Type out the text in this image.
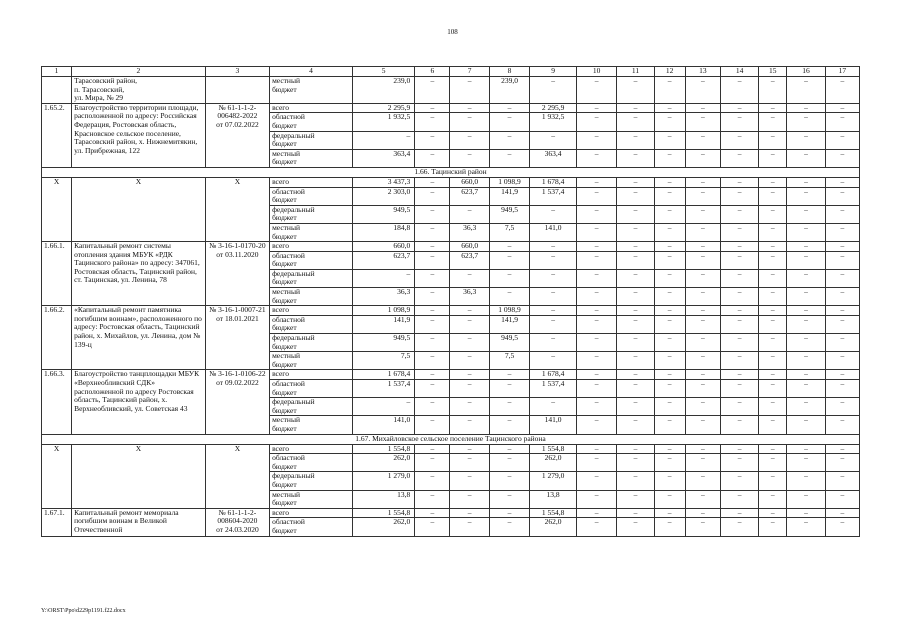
108
1	2	3	4	5	6	7	8	9	10	11	12	13	14	15	16	17
	Тарасовский район,
п. Тарасовский,
ул. Мира, № 29		местный
бюджет	239,0	–	–	239,0	–	–	–	–	–	–	–	–	–
1.65.2.	Благоустройство территории площади, расположенной по адресу: Российская Федерация, Ростовская область, Красновское сельское поселение, Тарасовский район, х. Нижнемитякин, ул. Прибрежная, 122	№ 61-1-1-2-006482-2022
от 07.02.2022	всего	2 295,9	–	–	–	2 295,9	–	–	–	–	–	–	–	–
			областной
бюджет	1 932,5	–	–	–	1 932,5	–	–	–	–	–	–	–	–
			федеральный
бюджет	–	–	–	–	–	–	–	–	–	–	–	–	–
			местный
бюджет	363,4	–	–	–	363,4	–	–	–	–	–	–	–	–
1.66. Тацинский район																
Х	Х	Х	всего	3 437,3	–	660,0	1 098,9	1 678,4	–	–	–	–	–	–	–	–
			областной
бюджет	2 303,0	–	623,7	141,9	1 537,4	–	–	–	–	–	–	–	–
			федеральный
бюджет	949,5	–	–	949,5	–	–	–	–	–	–	–	–	–
			местный
бюджет	184,8	–	36,3	7,5	141,0	–	–	–	–	–	–	–	–
1.66.1.	Капитальный ремонт системы отопления здания МБУК «РДК Тацинского района» по адресу: 347061, Ростовская область, Тацинский район, ст. Тацинская, ул. Ленина, 78	№ 3-16-1-0170-20
от 03.11.2020	всего	660,0	–	660,0	–	–	–	–	–	–	–	–	–	–
			областной
бюджет	623,7	–	623,7	–	–	–	–	–	–	–	–	–	–
			федеральный
бюджет	–	–	–	–	–	–	–	–	–	–	–	–	–
			местный
бюджет	36,3	–	36,3	–	–	–	–	–	–	–	–	–	–
1.66.2.	«Капитальный ремонт памятника погибшим воинам», расположенного по адресу: Ростовская область, Тацинский район, х. Михайлов, ул. Ленина, дом № 139-ц	№ 3-16-1-0007-21
от 18.01.2021	всего	1 098,9	–	–	1 098,9	–	–	–	–	–	–	–	–	–
			областной
бюджет	141,9	–	–	141,9	–	–	–	–	–	–	–	–	–
			федеральный
бюджет	949,5	–	–	949,5	–	–	–	–	–	–	–	–	–
			местный
бюджет	7,5	–	–	7,5	–	–	–	–	–	–	–	–	–
1.66.3.	Благоустройство танцплощадки МБУК «Верхнеобливский СДК» расположенной по адресу Ростовская область, Тацинский район, х. Верхнеобливский, ул. Советская 43	№ 3-16-1-0106-22
от 09.02.2022	всего	1 678,4	–	–	–	1 678,4	–	–	–	–	–	–	–	–
			областной
бюджет	1 537,4	–	–	–	1 537,4	–	–	–	–	–	–	–	–
			федеральный
бюджет	–	–	–	–	–	–	–	–	–	–	–	–	–
			местный
бюджет	141,0	–	–	–	141,0	–	–	–	–	–	–	–	–
1.67. Михайловское сельское поселение Тацинского района																
Х	Х	Х	всего	1 554,8	–	–	–	1 554,8	–	–	–	–	–	–	–	–
			областной
бюджет	262,0	–	–	–	262,0	–	–	–	–	–	–	–	–
			федеральный
бюджет	1 279,0	–	–	–	1 279,0	–	–	–	–	–	–	–	–
			местный
бюджет	13,8	–	–	–	13,8	–	–	–	–	–	–	–	–
1.67.1.	Капитальный ремонт мемориала погибшим воинам в Великой Отечественной	№ 61-1-1-2-008604-2020
от 24.03.2020	всего	1 554,8	–	–	–	1 554,8	–	–	–	–	–	–	–	–
			областной
бюджет	262,0	–	–	–	262,0	–	–	–	–	–	–	–	–
Y:\ORST\Ppo\d229p1191.f22.docx
